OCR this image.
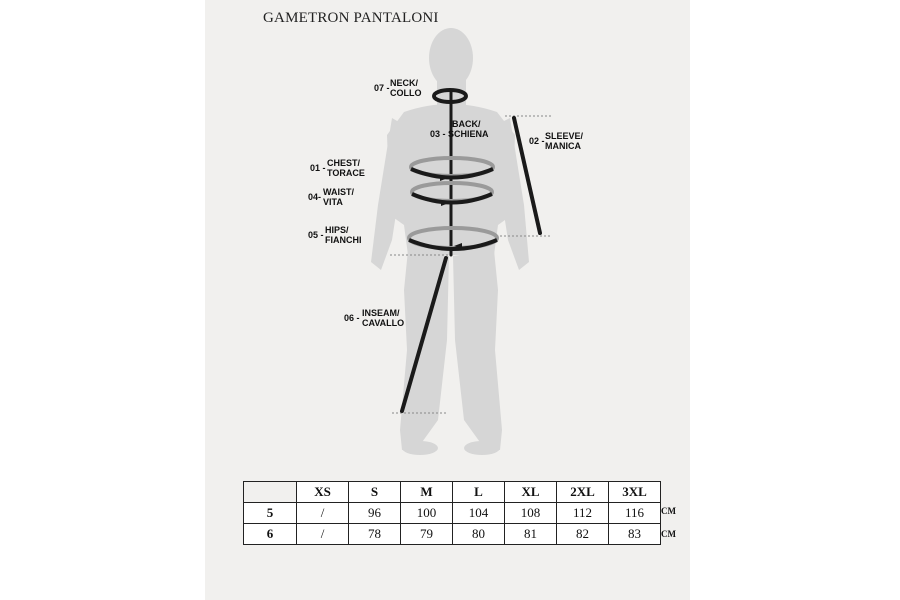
GAMETRON PANTALONI
07 - NECK/
COLLO
BACK/
03 - SCHIENA
02 - SLEEVE/
MANICA
01 - CHEST/
TORACE
04- WAIST/
VITA
05 - HIPS/
FIANCHI
06 - INSEAM/
CAVALLO
	XS	S	M	L	XL	2XL	3XL
5	/	96	100	104	108	112	116
6	/	78	79	80	81	82	83
CM
CM
